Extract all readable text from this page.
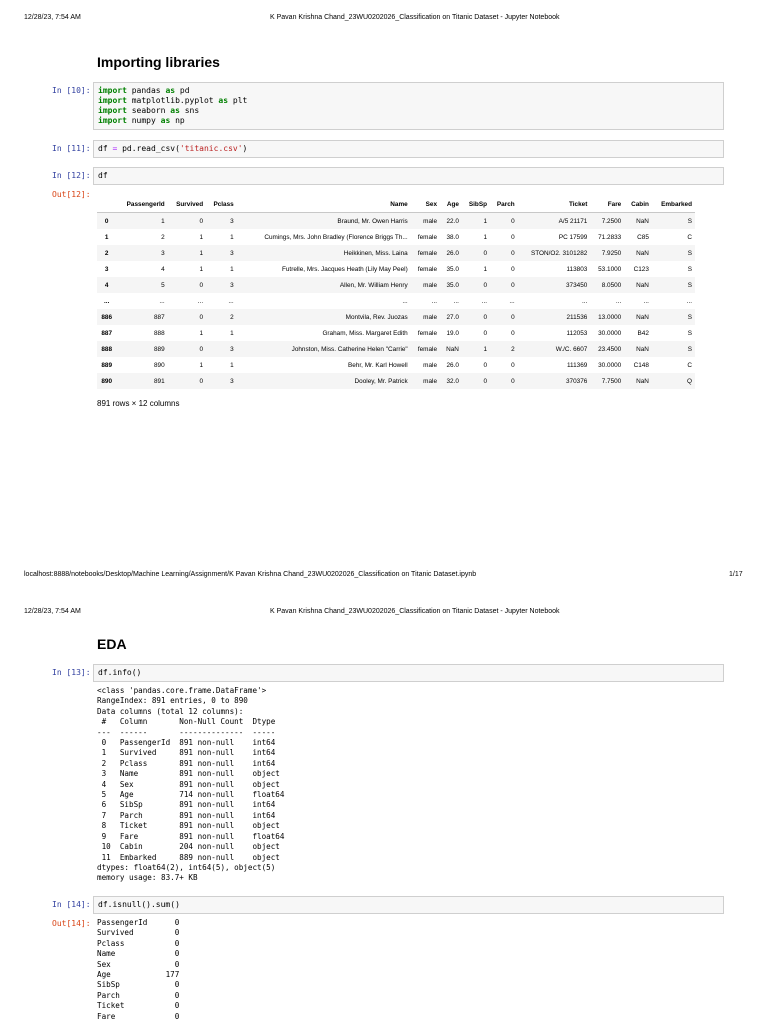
12/28/23, 7:54 AM	K Pavan Krishna Chand_23WU0202026_Classification on Titanic Dataset - Jupyter Notebook
Importing libraries
In [10]: import pandas as pd
import matplotlib.pyplot as plt
import seaborn as sns
import numpy as np
In [11]: df = pd.read_csv('titanic.csv')
In [12]: df
Out[12]:
	PassengerId	Survived	Pclass	Name	Sex	Age	SibSp	Parch	Ticket	Fare	Cabin	Embarked
0	1	0	3	Braund, Mr. Owen Harris	male	22.0	1	0	A/5 21171	7.2500	NaN	S
1	2	1	1	Cumings, Mrs. John Bradley (Florence Briggs Th...	female	38.0	1	0	PC 17599	71.2833	C85	C
2	3	1	3	Heikkinen, Miss. Laina	female	26.0	0	0	STON/O2. 3101282	7.9250	NaN	S
3	4	1	1	Futrelle, Mrs. Jacques Heath (Lily May Peel)	female	35.0	1	0	113803	53.1000	C123	S
4	5	0	3	Allen, Mr. William Henry	male	35.0	0	0	373450	8.0500	NaN	S
...	...	...	...	...	...	...	...	...	...	...	...	...
886	887	0	2	Montvila, Rev. Juozas	male	27.0	0	0	211536	13.0000	NaN	S
887	888	1	1	Graham, Miss. Margaret Edith	female	19.0	0	0	112053	30.0000	B42	S
888	889	0	3	Johnston, Miss. Catherine Helen "Carrie"	female	NaN	1	2	W./C. 6607	23.4500	NaN	S
889	890	1	1	Behr, Mr. Karl Howell	male	26.0	0	0	111369	30.0000	C148	C
890	891	0	3	Dooley, Mr. Patrick	male	32.0	0	0	370376	7.7500	NaN	Q
891 rows × 12 columns
localhost:8888/notebooks/Desktop/Machine Learning/Assignment/K Pavan Krishna Chand_23WU0202026_Classification on Titanic Dataset.ipynb	1/17
12/28/23, 7:54 AM	K Pavan Krishna Chand_23WU0202026_Classification on Titanic Dataset - Jupyter Notebook
EDA
In [13]: df.info()
<class 'pandas.core.frame.DataFrame'>
RangeIndex: 891 entries, 0 to 890
Data columns (total 12 columns):
#   Column       Non-Null Count  Dtype
---  ------       --------------  -----
0   PassengerId  891 non-null    int64
1   Survived     891 non-null    int64
2   Pclass       891 non-null    int64
3   Name         891 non-null    object
4   Sex          891 non-null    object
5   Age          714 non-null    float64
6   SibSp        891 non-null    int64
7   Parch        891 non-null    int64
8   Ticket       891 non-null    object
9   Fare         891 non-null    float64
10  Cabin        204 non-null    object
11  Embarked     889 non-null    object
dtypes: float64(2), int64(5), object(5)
memory usage: 83.7+ KB
In [14]: df.isnull().sum()
Out[14]: PassengerId      0
Survived         0
Pclass           0
Name             0
Sex              0
Age            177
SibSp            0
Parch            0
Ticket           0
Fare             0
